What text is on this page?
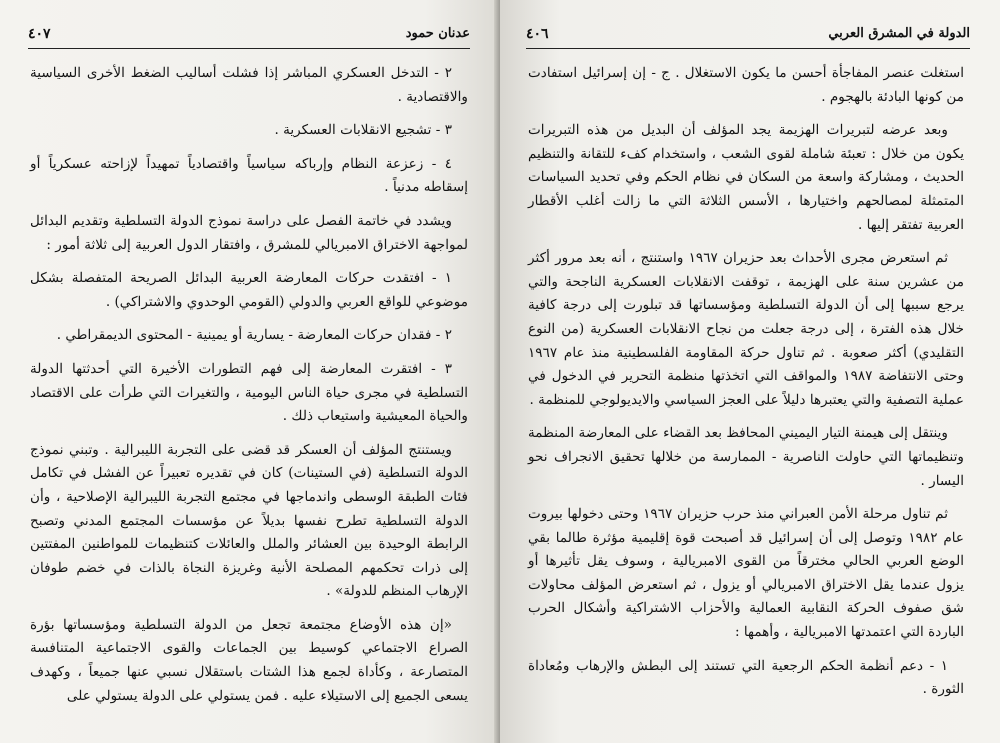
٤٠٧	عدنان حمود

٢ - التدخل العسكري المباشر إذا فشلت أساليب الضغط الأخرى السياسية والاقتصادية .

٣ - تشجيع الانقلابات العسكرية .

٤ - زعزعة النظام وإرباكه سياسياً واقتصادياً تمهيداً لإزاحته عسكرياً أو إسقاطه مدنياً .

ويشدد في خاتمة الفصل على دراسة نموذج الدولة التسلطية وتقديم البدائل لمواجهة الاختراق الامبريالي للمشرق ، وافتقار الدول العربية إلى ثلاثة أمور :

١ - افتقدت حركات المعارضة العربية البدائل الصريحة المتفصلة بشكل موضوعي للواقع العربي والدولي (القومي الوحدوي والاشتراكي) .

٢ - فقدان حركات المعارضة - يسارية أو يمينية - المحتوى الديمقراطي .

٣ - افتقرت المعارضة إلى فهم التطورات الأخيرة التي أحدثتها الدولة التسلطية في مجرى حياة الناس اليومية ، والتغيرات التي طرأت على الاقتصاد والحياة المعيشية واستيعاب ذلك .

ويستنتج المؤلف أن العسكر قد قضى على التجربة الليبرالية . وتبني نموذج الدولة التسلطية (في الستينات) كان في تقديره تعبيراً عن الفشل في تكامل فئات الطبقة الوسطى واندماجها في مجتمع التجربة الليبرالية الإصلاحية ، وأن الدولة التسلطية تطرح نفسها بديلاً عن مؤسسات المجتمع المدني وتصبح الرابطة الوحيدة بين العشائر والملل والعائلات كتنظيمات للمواطنين المفتتين إلى ذرات تحكمهم المصلحة الأنية وغريزة النجاة بالذات في خضم طوفان الإرهاب المنظم للدولة» .

«إن هذه الأوضاع مجتمعة تجعل من الدولة التسلطية ومؤسساتها بؤرة الصراع الاجتماعي كوسيط بين الجماعات والقوى الاجتماعية المتنافسة المتصارعة ، وكأداة لجمع هذا الشتات باستقلال نسبي عنها جميعاً ، وكهدف يسعى الجميع إلى الاستيلاء عليه . فمن يستولي على الدولة يستولي على

٤٠٦	الدولة في المشرق العربي

استغلت عنصر المفاجأة أحسن ما يكون الاستغلال . ج - إن إسرائيل استفادت من كونها البادئة بالهجوم .

وبعد عرضه لتبريرات الهزيمة يجد المؤلف أن البديل من هذه التبريرات يكون من خلال : تعبئة شاملة لقوى الشعب ، واستخدام كفء للتقانة والتنظيم الحديث ، ومشاركة واسعة من السكان في نظام الحكم وفي تحديد السياسات المتمثلة لمصالحهم واختيارها ، الأسس الثلاثة التي ما زالت أغلب الأقطار العربية تفتقر إليها .

ثم استعرض مجرى الأحداث بعد حزيران ١٩٦٧ واستنتج ، أنه بعد مرور أكثر من عشرين سنة على الهزيمة ، توقفت الانقلابات العسكرية الناجحة والتي يرجع سببها إلى أن الدولة التسلطية ومؤسساتها قد تبلورت إلى درجة كافية خلال هذه الفترة ، إلى درجة جعلت من نجاح الانقلابات العسكرية (من النوع التقليدي) أكثر صعوبة . ثم تناول حركة المقاومة الفلسطينية منذ عام ١٩٦٧ وحتى الانتفاضة ١٩٨٧ والمواقف التي اتخذتها منظمة التحرير في الدخول في عملية التصفية والتي يعتبرها دليلاً على العجز السياسي والايديولوجي للمنظمة .

وينتقل إلى هيمنة التيار اليميني المحافظ بعد القضاء على المعارضة المنظمة وتنظيماتها التي حاولت الناصرية - الممارسة من خلالها تحقيق الانجراف نحو اليسار .

ثم تناول مرحلة الأمن العبراني منذ حرب حزيران ١٩٦٧ وحتى دخولها بيروت عام ١٩٨٢ وتوصل إلى أن إسرائيل قد أصبحت قوة إقليمية مؤثرة طالما بقي الوضع العربي الحالي مخترقاً من القوى الامبريالية ، وسوف يقل تأثيرها أو يزول عندما يقل الاختراق الامبريالي أو يزول ، ثم استعرض المؤلف محاولات شق صفوف الحركة النقابية العمالية والأحزاب الاشتراكية وأشكال الحرب الباردة التي اعتمدتها الامبريالية ، وأهمها :

١ - دعم أنظمة الحكم الرجعية التي تستند إلى البطش والإرهاب ومُعاداة الثورة .
